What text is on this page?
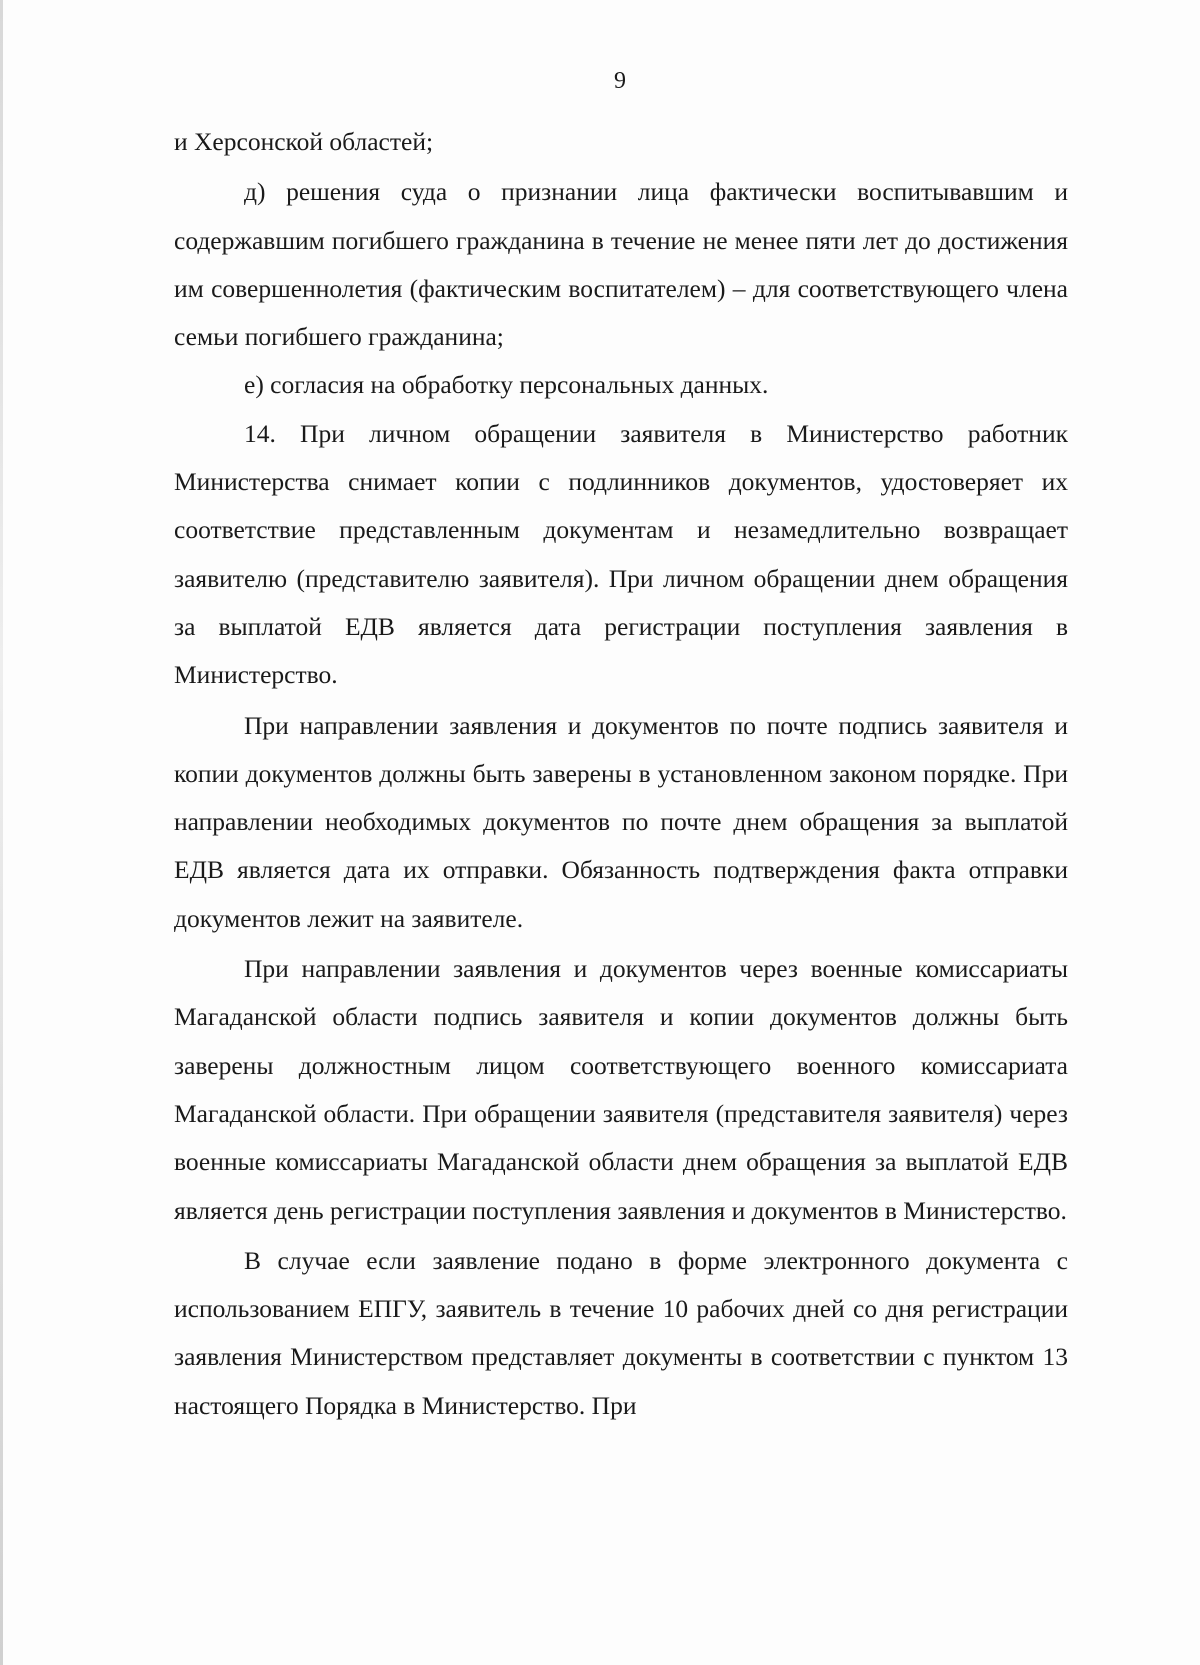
9

и Херсонской областей;

д) решения суда о признании лица фактически воспитывавшим и содержавшим погибшего гражданина в течение не менее пяти лет до достижения им совершеннолетия (фактическим воспитателем) – для соответствующего члена семьи погибшего гражданина;

е) согласия на обработку персональных данных.

14. При личном обращении заявителя в Министерство работник Министерства снимает копии с подлинников документов, удостоверяет их соответствие представленным документам и незамедлительно возвращает заявителю (представителю заявителя). При личном обращении днем обращения за выплатой ЕДВ является дата регистрации поступления заявления в Министерство.

При направлении заявления и документов по почте подпись заявителя и копии документов должны быть заверены в установленном законом порядке. При направлении необходимых документов по почте днем обращения за выплатой ЕДВ является дата их отправки. Обязанность подтверждения факта отправки документов лежит на заявителе.

При направлении заявления и документов через военные комиссариаты Магаданской области подпись заявителя и копии документов должны быть заверены должностным лицом соответствующего военного комиссариата Магаданской области. При обращении заявителя (представителя заявителя) через военные комиссариаты Магаданской области днем обращения за выплатой ЕДВ является день регистрации поступления заявления и документов в Министерство.

В случае если заявление подано в форме электронного документа с использованием ЕПГУ, заявитель в течение 10 рабочих дней со дня регистрации заявления Министерством представляет документы в соответствии с пунктом 13 настоящего Порядка в Министерство. При
